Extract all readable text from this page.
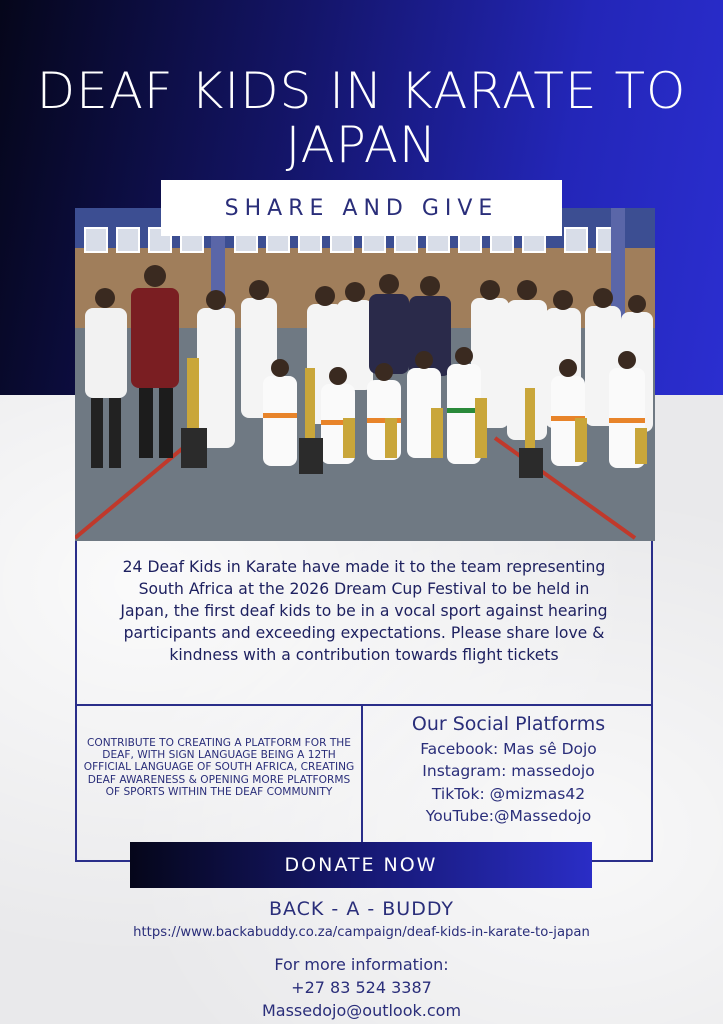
DEAF KIDS IN KARATE TO JAPAN
SHARE AND GIVE

24 Deaf Kids in Karate have made it to the team representing South Africa at the 2026 Dream Cup Festival to be held in Japan, the first deaf kids to be in a vocal sport against hearing participants and exceeding expectations. Please share love & kindness with a contribution towards flight tickets

CONTRIBUTE TO CREATING A PLATFORM FOR THE DEAF, WITH SIGN LANGUAGE BEING A 12TH OFFICIAL LANGUAGE OF SOUTH AFRICA, CREATING DEAF AWARENESS & OPENING MORE PLATFORMS OF SPORTS WITHIN THE DEAF COMMUNITY

Our Social Platforms
Facebook: Mas sê Dojo
Instagram: massedojo
TikTok: @mizmas42
YouTube:@Massedojo
DONATE NOW
BACK - A - BUDDY
https://www.backabuddy.co.za/campaign/deaf-kids-in-karate-to-japan
For more information:
+27 83 524 3387
Massedojo@outlook.com
